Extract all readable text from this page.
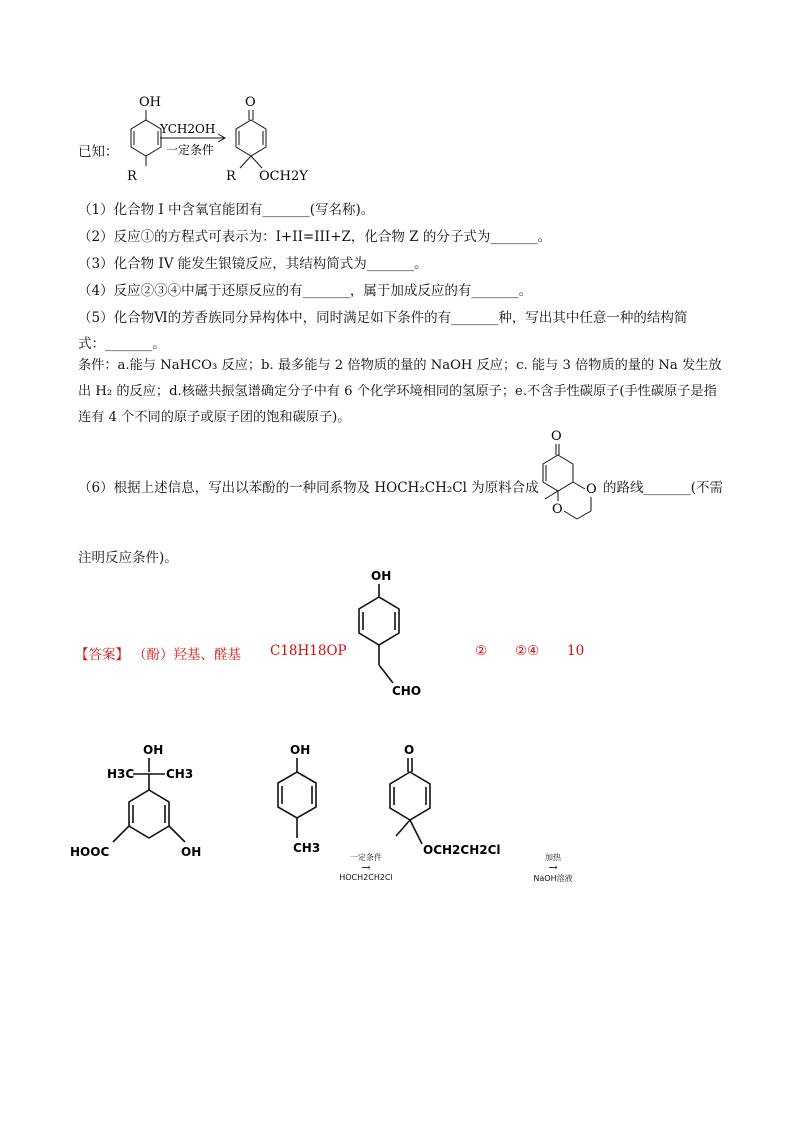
已知：
OH
R
YCH2OH
一定条件
O
R OCH2Y
（1）化合物 I 中含氧官能团有_______(写名称)。
（2）反应①的方程式可表示为：I+II=III+Z，化合物 Z 的分子式为_______。
（3）化合物 IV 能发生银镜反应，其结构简式为_______。
（4）反应②③④中属于还原反应的有_______，属于加成反应的有_______。
（5）化合物Ⅵ的芳香族同分异构体中，同时满足如下条件的有_______种，写出其中任意一种的结构简
式：_______。
条件：a.能与 NaHCO₃ 反应；b. 最多能与 2 倍物质的量的 NaOH 反应；c. 能与 3 倍物质的量的 Na 发生放出 H₂ 的反应；d.核磁共振氢谱确定分子中有 6 个化学环境相同的氢原子；e.不含手性碳原子(手性碳原子是指连有 4 个不同的原子或原子团的饱和碳原子)。
（6）根据上述信息，写出以苯酚的一种同系物及 HOCH₂CH₂Cl 为原料合成
O
O
O
的路线_______(不需
注明反应条件)。
【答案】 （酚）羟基、醛基 C18H18OP
OH
CHO
② ②④ 10
OH
H3C	CH3
HOOC	OH
OH
CH3
O
OCH2CH2Cl
一定条件
→
HOCH2CH2Cl
加热
→
NaOH溶液
